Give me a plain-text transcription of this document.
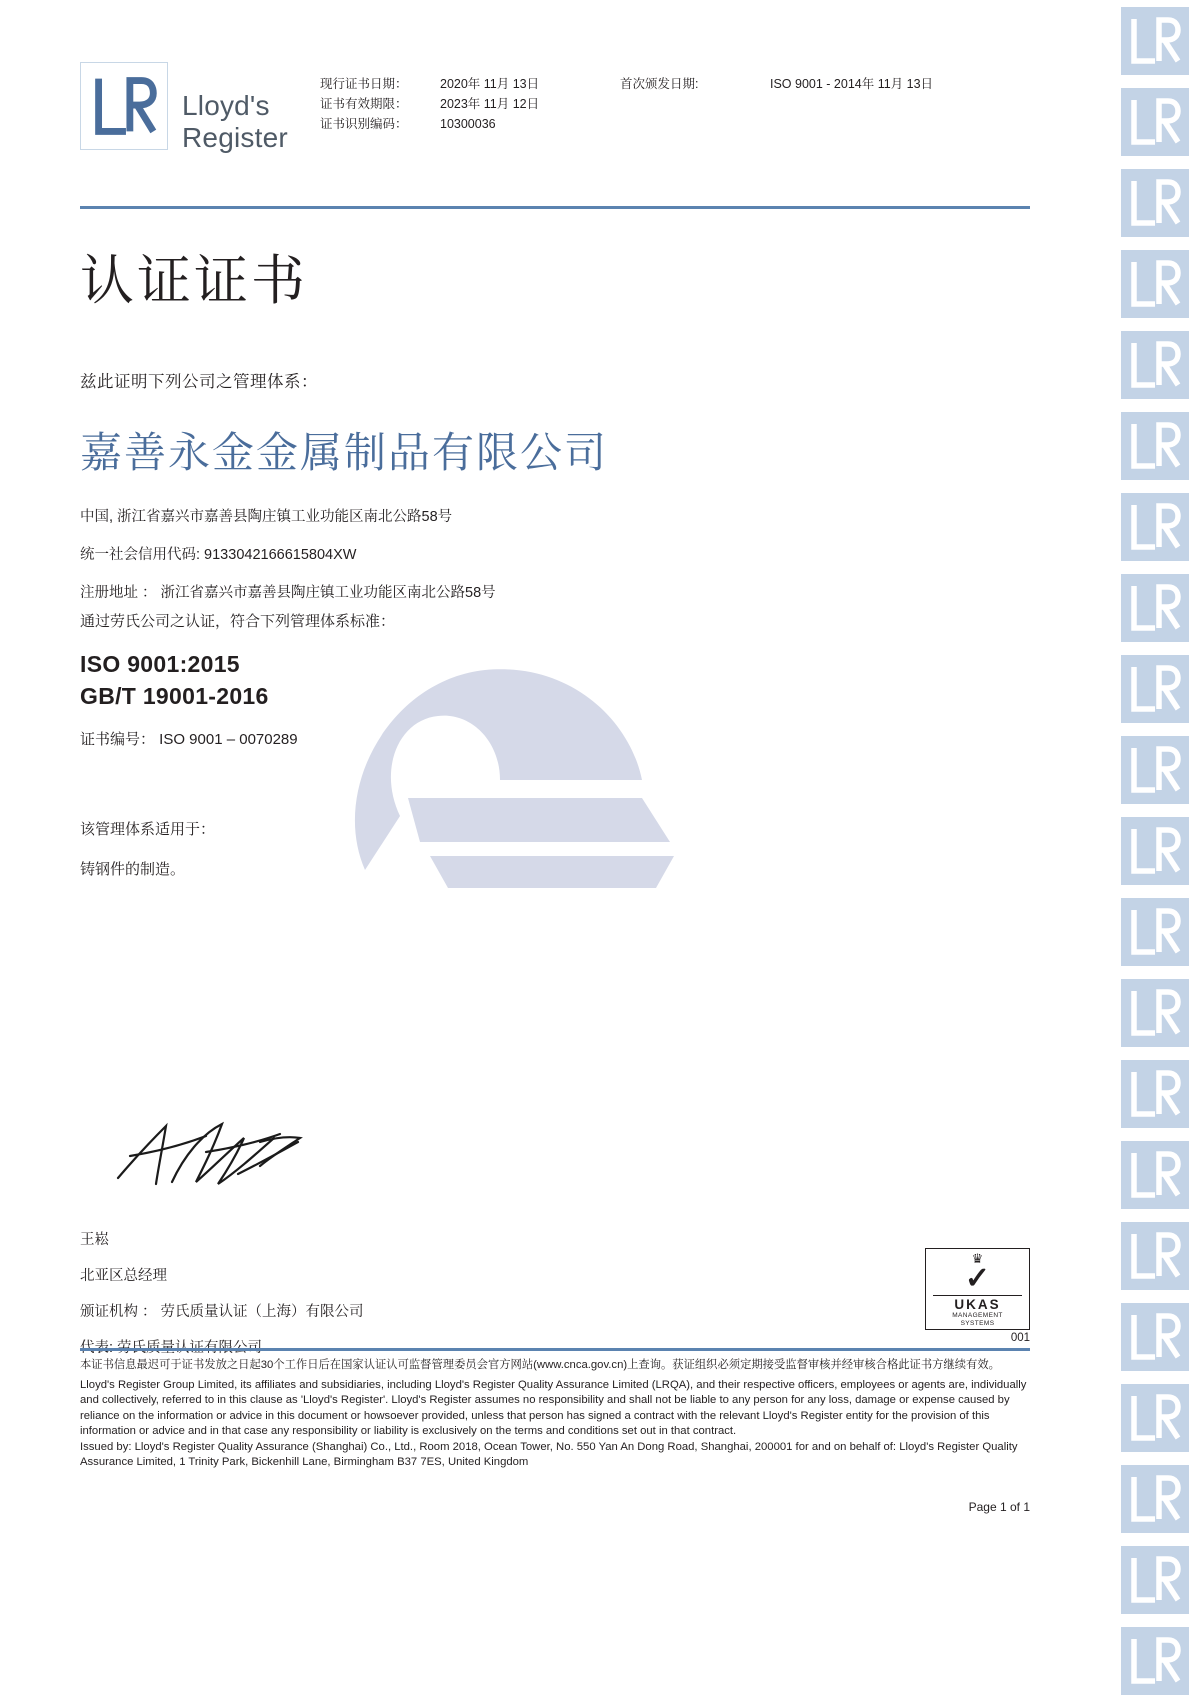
Lloyd's
Register
现行证书日期：
证书有效期限：
证书识别编码：
2020年 11月 13日
2023年 11月 12日
10300036
首次颁发日期:	ISO 9001 - 2014年 11月 13日
认证证书
兹此证明下列公司之管理体系：
嘉善永金金属制品有限公司
中国, 浙江省嘉兴市嘉善县陶庄镇工业功能区南北公路58号
统一社会信用代码: 9133042166615804XW
注册地址 ： 浙江省嘉兴市嘉善县陶庄镇工业功能区南北公路58号
通过劳氏公司之认证，符合下列管理体系标准：
ISO 9001:2015
GB/T 19001-2016
证书编号： ISO 9001 – 0070289
该管理体系适用于：
铸钢件的制造。
王崧
北亚区总经理
颁证机构 ： 劳氏质量认证（上海）有限公司
♛
✓
UKAS
MANAGEMENT
SYSTEMS
001

本证书信息最迟可于证书发放之日起30个工作日后在国家认证认可监督管理委员会官方网站(www.cnca.gov.cn)上查询。获证组织必须定期接受监督审核并经审核合格此证书方继续有效。

Lloyd's Register Group Limited, its affiliates and subsidiaries, including Lloyd's Register Quality Assurance Limited (LRQA), and their respective officers, employees or agents are, individually and collectively, referred to in this clause as 'Lloyd's Register'. Lloyd's Register assumes no responsibility and shall not be liable to any person for any loss, damage or expense caused by reliance on the information or advice in this document or howsoever provided, unless that person has signed a contract with the relevant Lloyd's Register entity for the provision of this information or advice and in that case any responsibility or liability is exclusively on the terms and conditions set out in that contract.

Issued by: Lloyd's Register Quality Assurance (Shanghai) Co., Ltd., Room 2018, Ocean Tower, No. 550 Yan An Dong Road, Shanghai, 200001 for and on behalf of: Lloyd's Register Quality Assurance Limited, 1 Trinity Park, Bickenhill Lane, Birmingham B37 7ES, United Kingdom

Page 1 of 1
